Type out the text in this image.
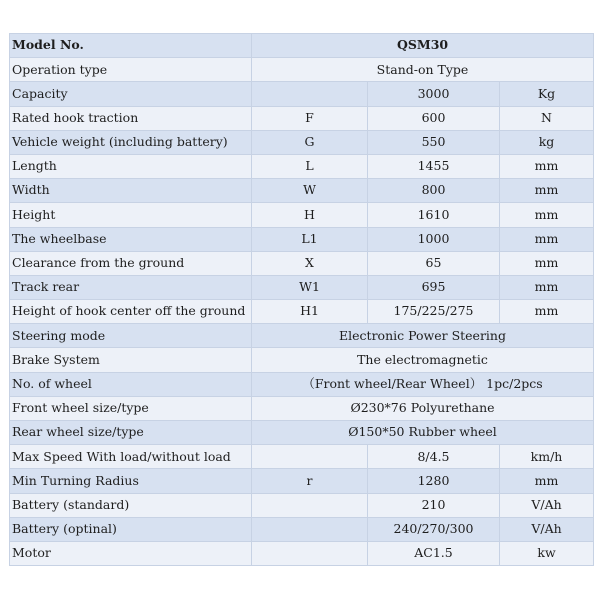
Model No.	QSM30		
Operation type	Stand-on Type		
Capacity		3000	Kg
Rated hook traction	F	600	N
Vehicle weight (including battery)	G	550	kg
Length	L	1455	mm
Width	W	800	mm
Height	H	1610	mm
The wheelbase	L1	1000	mm
Clearance from the ground	X	65	mm
Track rear	W1	695	mm
Height of hook center off the ground	H1	175/225/275	mm
Steering mode	Electronic Power Steering		
Brake System	The electromagnetic		
No. of wheel	（Front wheel/Rear Wheel） 1pc/2pcs		
Front wheel size/type	Ø230*76 Polyurethane		
Rear wheel size/type	Ø150*50 Rubber wheel		
Max Speed With load/without load		8/4.5	km/h
Min Turning Radius	r	1280	mm
Battery (standard)		210	V/Ah
Battery (optinal)		240/270/300	V/Ah
Motor		AC1.5	kw
